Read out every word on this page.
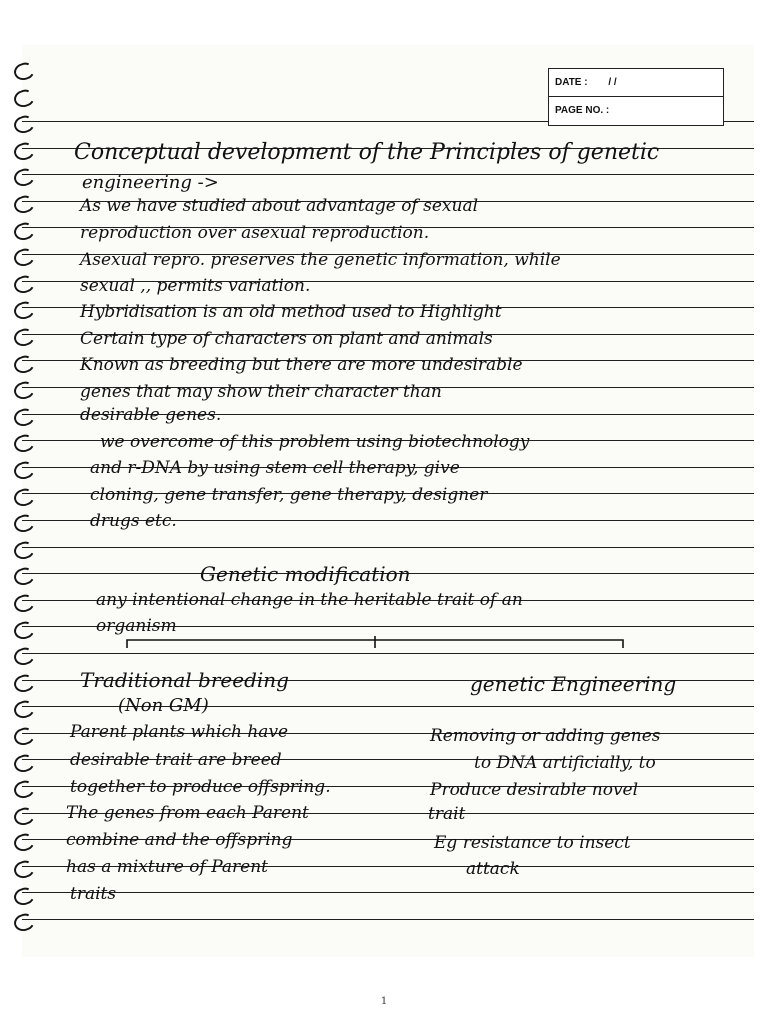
DATE : / /
PAGE NO. :
Conceptual development of the Principles of genetic
engineering ->
As we have studied about advantage of sexual
reproduction over asexual reproduction.
Asexual repro. preserves the genetic information, while
sexual ,, permits variation.
Hybridisation is an old method used to Highlight
Certain type of characters on plant and animals
Known as breeding but there are more undesirable
genes that may show their character than
desirable genes.
we overcome of this problem using biotechnology
and r-DNA by using stem cell therapy, give
cloning, gene transfer, gene therapy, designer
drugs etc.
Genetic modification
any intentional change in the heritable trait of an
organism
Traditional breeding
(Non GM)
genetic Engineering
Parent plants which have
desirable trait are breed
together to produce offspring.
The genes from each Parent
combine and the offspring
has a mixture of Parent
traits
Removing or adding genes
to DNA artificially, to
Produce desirable novel
trait
Eg resistance to insect
attack
1
